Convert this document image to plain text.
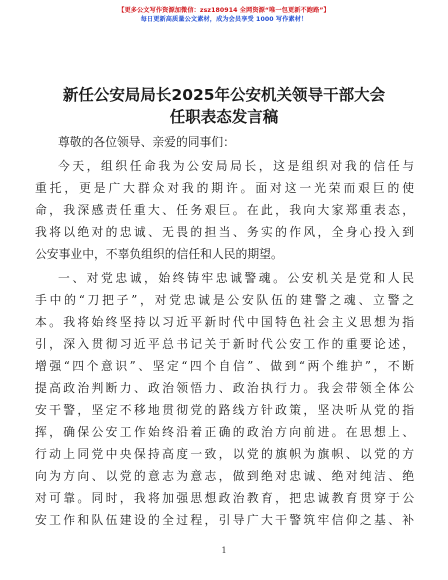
【更多公文写作资源加微信：zsz180914 全网资源“唯一包更新不跑路”】
每日更新高质量公文素材，成为会员享受 1000 写作素材！
新任公安局局长2025年公安机关领导干部大会
任职表态发言稿
尊敬的各位领导、亲爱的同事们：
今天，组织任命我为公安局局长，这是组织对我的信任与
重托，更是广大群众对我的期许。面对这一光荣而艰巨的使
命，我深感责任重大、任务艰巨。在此，我向大家郑重表态，
我将以绝对的忠诚、无畏的担当、务实的作风，全身心投入到
公安事业中，不辜负组织的信任和人民的期望。
一、对党忠诚，始终铸牢忠诚警魂。公安机关是党和人民
手中的“刀把子”，对党忠诚是公安队伍的建警之魂、立警之
本。我将始终坚持以习近平新时代中国特色社会主义思想为指
引，深入贯彻习近平总书记关于新时代公安工作的重要论述，
增强“四个意识”、坚定“四个自信”、做到“两个维护”，不断
提高政治判断力、政治领悟力、政治执行力。我会带领全体公
安干警，坚定不移地贯彻党的路线方针政策，坚决听从党的指
挥，确保公安工作始终沿着正确的政治方向前进。在思想上、
行动上同党中央保持高度一致，以党的旗帜为旗帜、以党的方
向为方向、以党的意志为意志，做到绝对忠诚、绝对纯洁、绝
对可靠。同时，我将加强思想政治教育，把忠诚教育贯穿于公
安工作和队伍建设的全过程，引导广大干警筑牢信仰之基、补
1
